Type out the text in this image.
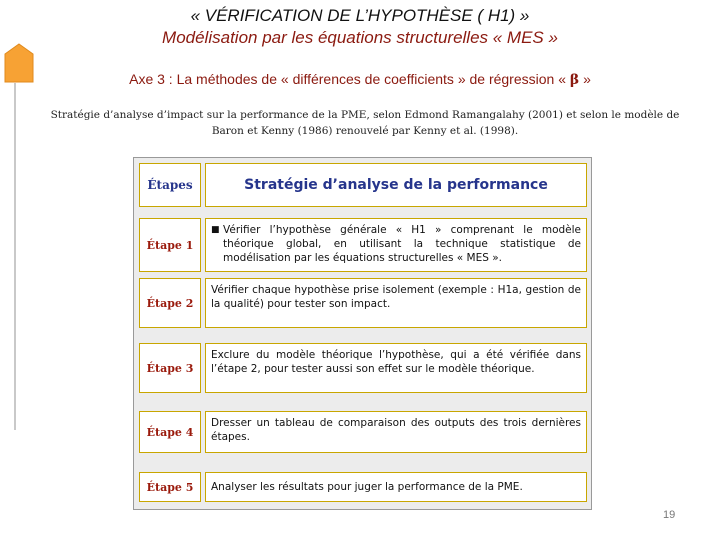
« VÉRIFICATION DE L’HYPOTHÈSE ( H1) »
Modélisation par les équations structurelles « MES »
Axe 3 : La méthodes de « différences de coefficients » de régression « β »
Stratégie d’analyse d’impact sur la performance de la PME, selon Edmond Ramangalahy (2001) et selon le modèle de Baron et Kenny (1986) renouvelé par Kenny et al. (1998).
Étapes	Stratégie d’analyse de la performance
Étape 1
■ Vérifier l’hypothèse générale « H1 » comprenant le modèle théorique global, en utilisant la technique statistique de modélisation par les équations structurelles « MES ».
Étape 2
Vérifier chaque hypothèse prise isolement (exemple : H1a, gestion de la qualité) pour tester son impact.
Étape 3
Exclure du modèle théorique l’hypothèse, qui a été vérifiée dans l’étape 2, pour tester aussi son effet sur le modèle théorique.
Étape 4
Dresser un tableau de comparaison des outputs des trois dernières étapes.
Étape 5	Analyser les résultats pour juger la performance de la PME.
19
